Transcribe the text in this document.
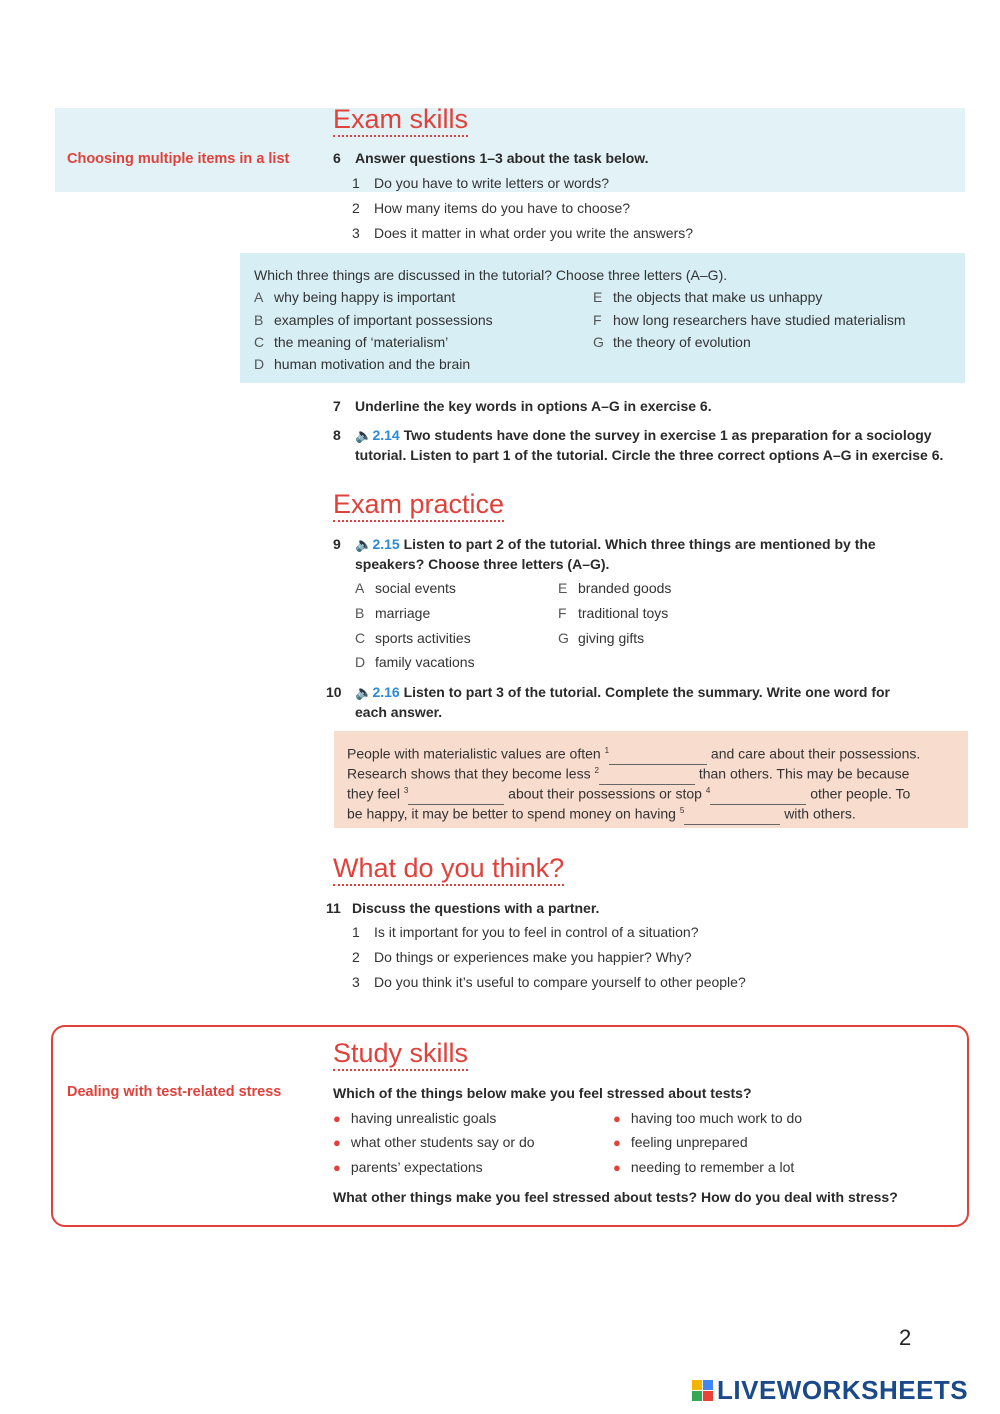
Exam skills
Choosing multiple items in a list	6 Answer questions 1–3 about the task below.
1 Do you have to write letters or words?
2 How many items do you have to choose?
3 Does it matter in what order you write the answers?
Which three things are discussed in the tutorial? Choose three letters (A–G).
A why being happy is important
B examples of important possessions
C the meaning of ‘materialism’
D human motivation and the brain
E the objects that make us unhappy
F how long researchers have studied materialism
G the theory of evolution
7 Underline the key words in options A–G in exercise 6.
8 🔈2.14 Two students have done the survey in exercise 1 as preparation for a sociology
tutorial. Listen to part 1 of the tutorial. Circle the three correct options A–G in exercise 6.
Exam practice
9 🔈2.15 Listen to part 2 of the tutorial. Which three things are mentioned by the
speakers? Choose three letters (A–G).
A social events
B marriage
C sports activities
D family vacations
E branded goods
F traditional toys
G giving gifts
10 🔈2.16 Listen to part 3 of the tutorial. Complete the summary. Write one word for
each answer.
People with materialistic values are often $^1$	and care about their possessions.
Research shows that they become less $^2$	than others. This may be because
they feel $^3$	about their possessions or stop $^4$	other people. To
be happy, it may be better to spend money on having $^5$	with others.
What do you think?
11 Discuss the questions with a partner.
1 Is it important for you to feel in control of a situation?
2 Do things or experiences make you happier? Why?
3 Do you think it’s useful to compare yourself to other people?
Study skills
Dealing with test-related stress	Which of the things below make you feel stressed about tests?
● having unrealistic goals
● what other students say or do
● parents’ expectations
● having too much work to do
● feeling unprepared
● needing to remember a lot
What other things make you feel stressed about tests? How do you deal with stress?
2
LIVEWORKSHEETS
